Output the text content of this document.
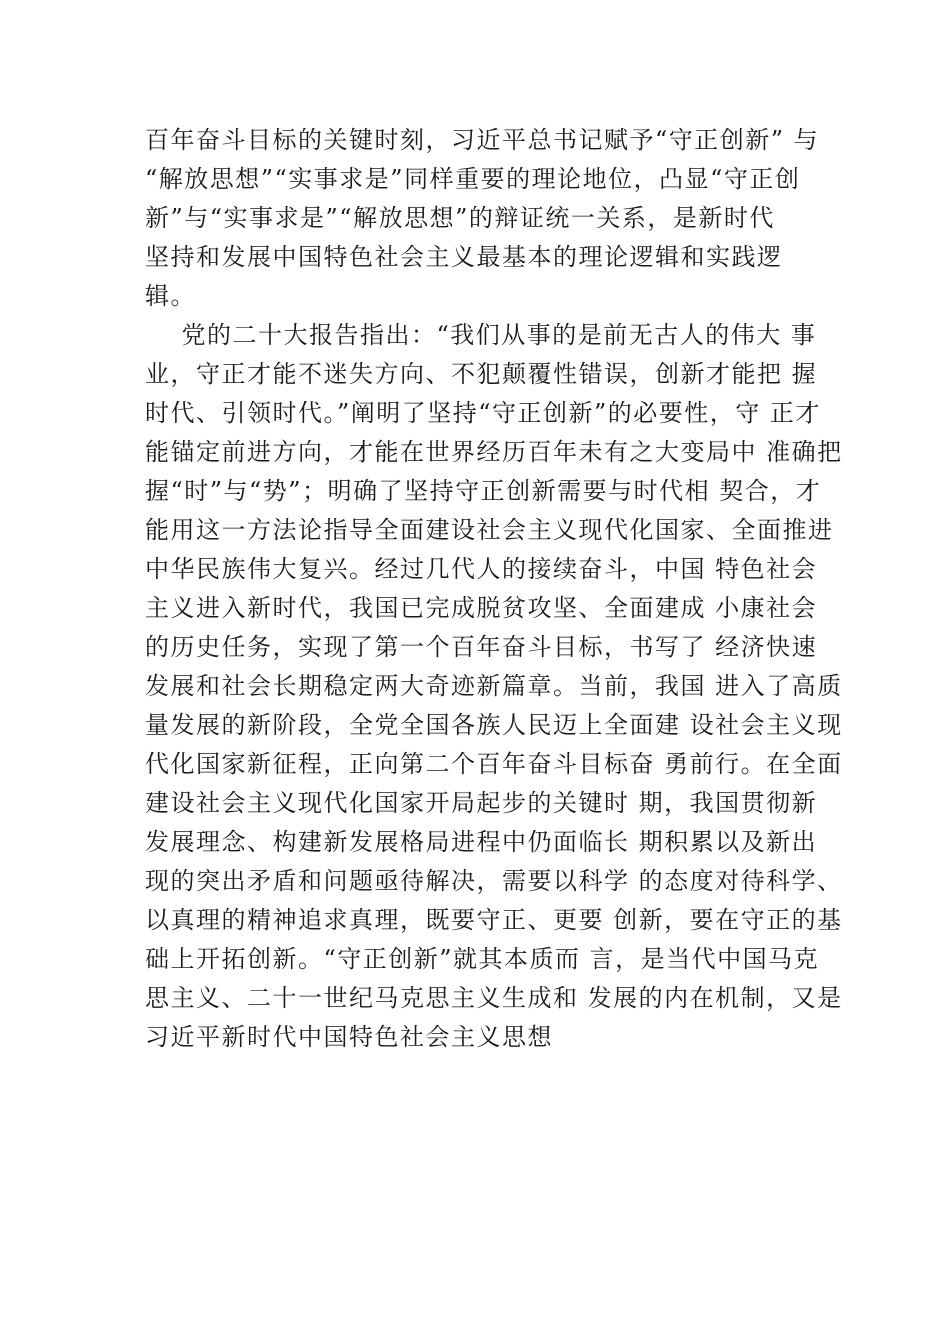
百年奋斗目标的关键时刻，习近平总书记赋予“守正创新” 与
“解放思想”“实事求是”同样重要的理论地位，凸显“守正创
新”与“实事求是”“解放思想”的辩证统一关系，是新时代
坚持和发展中国特色社会主义最基本的理论逻辑和实践逻
辑。
党的二十大报告指出：“我们从事的是前无古人的伟大 事
业，守正才能不迷失方向、不犯颠覆性错误，创新才能把 握
时代、引领时代。”阐明了坚持“守正创新”的必要性，守 正才
能锚定前进方向，才能在世界经历百年未有之大变局中 准确把
握“时”与“势”；明确了坚持守正创新需要与时代相 契合，才
能用这一方法论指导全面建设社会主义现代化国家、全面推进
中华民族伟大复兴。经过几代人的接续奋斗，中国 特色社会
主义进入新时代，我国已完成脱贫攻坚、全面建成 小康社会
的历史任务，实现了第一个百年奋斗目标，书写了 经济快速
发展和社会长期稳定两大奇迹新篇章。当前，我国 进入了高质
量发展的新阶段，全党全国各族人民迈上全面建 设社会主义现
代化国家新征程，正向第二个百年奋斗目标奋 勇前行。在全面
建设社会主义现代化国家开局起步的关键时 期，我国贯彻新
发展理念、构建新发展格局进程中仍面临长 期积累以及新出
现的突出矛盾和问题亟待解决，需要以科学 的态度对待科学、
以真理的精神追求真理，既要守正、更要 创新，要在守正的基
础上开拓创新。“守正创新”就其本质而 言，是当代中国马克
思主义、二十一世纪马克思主义生成和 发展的内在机制，又是
习近平新时代中国特色社会主义思想
